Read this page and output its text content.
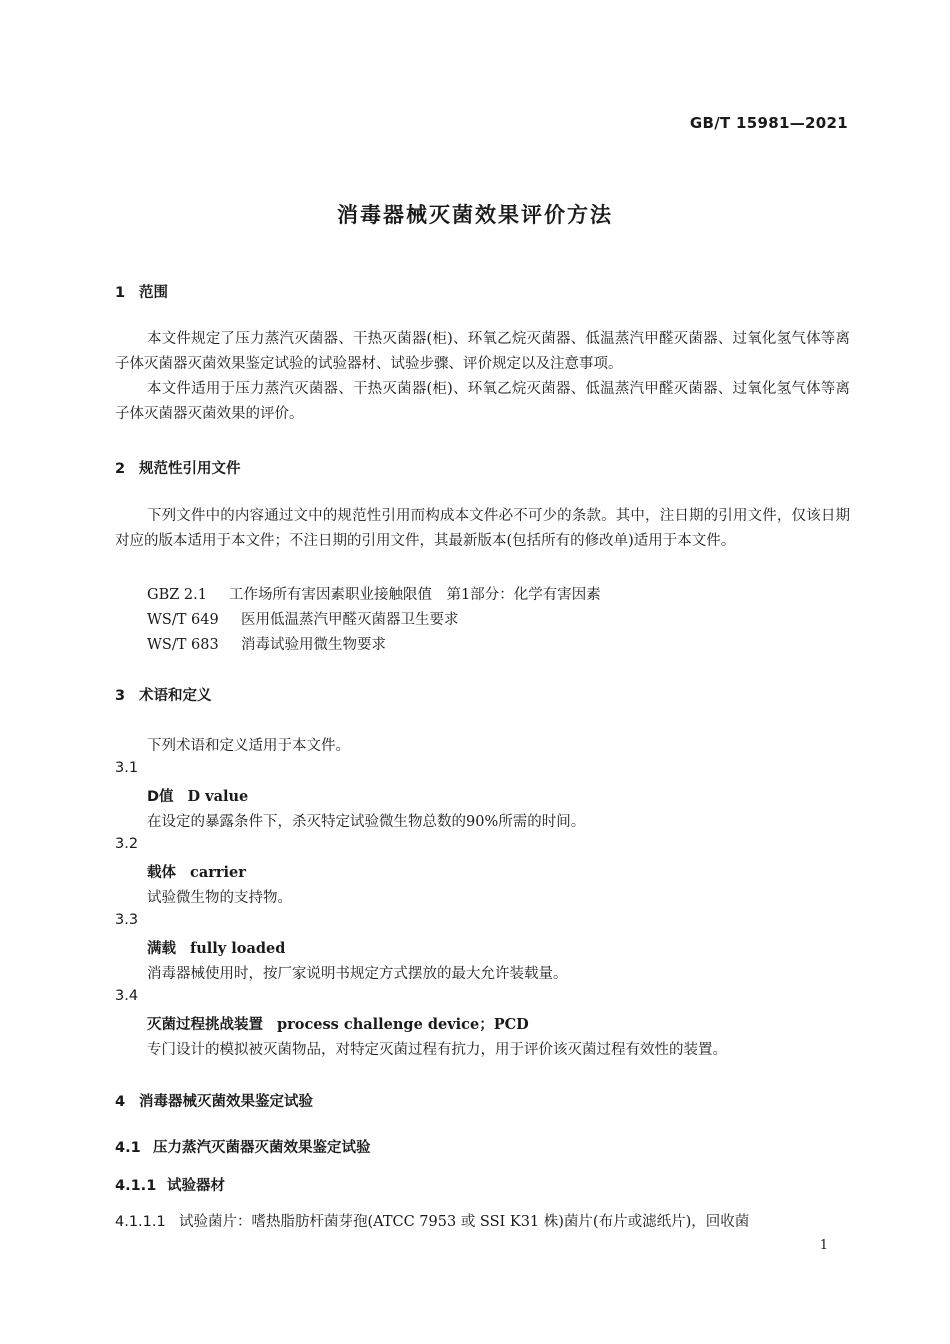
GB/T 15981—2021
消毒器械灭菌效果评价方法
1 范围
本文件规定了压力蒸汽灭菌器、干热灭菌器(柜)、环氧乙烷灭菌器、低温蒸汽甲醛灭菌器、过氧化氢气体等离子体灭菌器灭菌效果鉴定试验的试验器材、试验步骤、评价规定以及注意事项。
本文件适用于压力蒸汽灭菌器、干热灭菌器(柜)、环氧乙烷灭菌器、低温蒸汽甲醛灭菌器、过氧化氢气体等离子体灭菌器灭菌效果的评价。
2 规范性引用文件
下列文件中的内容通过文中的规范性引用而构成本文件必不可少的条款。其中，注日期的引用文件，仅该日期对应的版本适用于本文件；不注日期的引用文件，其最新版本(包括所有的修改单)适用于本文件。
GBZ 2.1 工作场所有害因素职业接触限值　第1部分：化学有害因素
WS/T 649 医用低温蒸汽甲醛灭菌器卫生要求
WS/T 683 消毒试验用微生物要求
3 术语和定义
下列术语和定义适用于本文件。
3.1
D值 D value
在设定的暴露条件下，杀灭特定试验微生物总数的90%所需的时间。
3.2
载体 carrier
试验微生物的支持物。
3.3
满载 fully loaded
消毒器械使用时，按厂家说明书规定方式摆放的最大允许装载量。
3.4
灭菌过程挑战装置 process challenge device；PCD
专门设计的模拟被灭菌物品，对特定灭菌过程有抗力，用于评价该灭菌过程有效性的装置。
4 消毒器械灭菌效果鉴定试验
4.1 压力蒸汽灭菌器灭菌效果鉴定试验
4.1.1 试验器材
4.1.1.1 试验菌片：嗜热脂肪杆菌芽孢(ATCC 7953 或 SSI K31 株)菌片(布片或滤纸片)，回收菌
1
